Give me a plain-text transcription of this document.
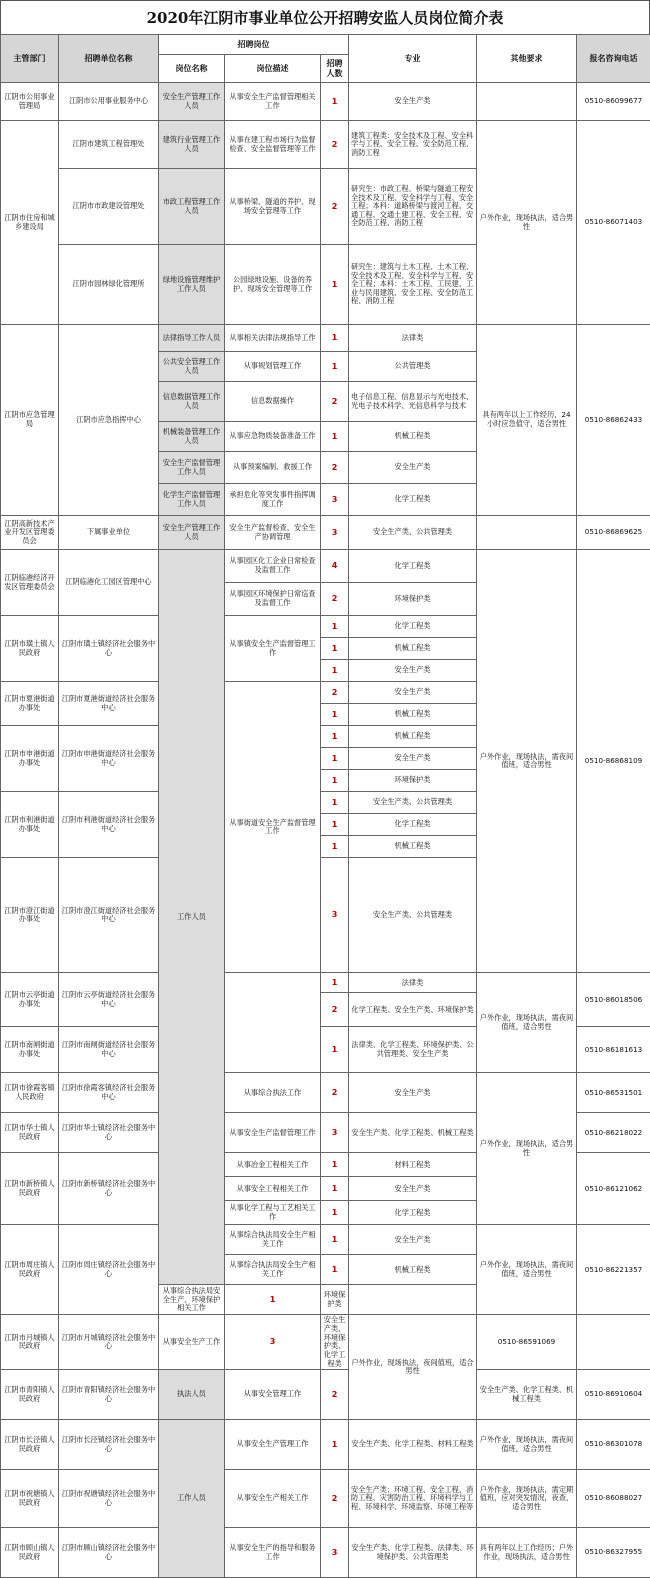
2020年江阴市事业单位公开招聘安监人员岗位简介表
主管部门	招聘单位名称	招聘岗位			专业	其他要求	报名咨询电话	
		岗位名称	岗位描述	招聘人数				
江阴市公用事业管理局	江阴市公用事业服务中心	安全生产管理工作人员	从事安全生产监督管理相关工作	1	安全生产类		0510-86099677	
江阴市住房和城乡建设局	江阴市建筑工程管理处	建筑行业管理工作人员	从事在建工程市场行为监督检查、安全监督管理等工作	2	建筑工程类：安全技术及工程、安全科学与工程、安全工程、安全防范工程、消防工程	户外作业，现场执法，适合男性	0510-86071403	
	江阴市市政建设管理处	市政工程管理工作人员	从事桥梁、隧道的养护、现场安全管理等工作	2	研究生：市政工程、桥梁与隧道工程安全技术及工程、安全科学与工程、安全工程；本科：道路桥梁与渡河工程、交通工程、交通土建工程、安全工程、安全防范工程、消防工程			
	江阴市园林绿化管理所	绿地设施管理维护工作人员	公园绿地设施、设备的养护、现场安全管理等工作	1	研究生：建筑与土木工程、土木工程、安全技术及工程、安全科学与工程、安全工程；本科：土木工程、工民建、工业与民用建筑、安全工程、安全防范工程、消防工程			

江阴市应急管理局	江阴市应急指挥中心	法律指导工作人员	从事相关法律法规指导工作	1	法律类	具有两年以上工作经历，24小时应急值守，适合男性	0510-86862433	
		公共安全管理工作人员	从事规划管理工作	1	公共管理类			
		信息数据管理工作人员	信息数据操作	2	电子信息工程、信息显示与光电技术、光电子技术科学、光信息科学与技术			
		机械装备管理工作人员	从事应急物质装备准备工作	1	机械工程类			
		安全生产监督管理工作人员	从事预案编制、救援工作	2	安全生产类			
		化学生产监督管理工作人员	承担危化等突发事件指挥调度工作	3	化学工程类			
江阴高新技术产业开发区管理委员会	下属事业单位	安全生产管理工作人员	安全生产监督检查，安全生产协调管理	3	安全生产类、公共管理类		0510-86869625	
江阴临港经济开发区管理委员会	江阴临港化工园区管理中心	工作人员	从事园区化工企业日常检查及监督工作	4	化学工程类	户外作业，现场执法，需夜间值班，适合男性	0510-86868109	
			从事园区环境保护日常巡查及监督工作	2	环境保护类			
江阴市璜土镇人民政府	江阴市璜土镇经济社会服务中心		从事镇安全生产监督管理工作	1	化学工程类			
				1	机械工程类			
				1	安全生产类			
江阴市夏港街道办事处	江阴市夏港街道经济社会服务中心		从事街道安全生产监督管理工作	2	安全生产类			
				1	机械工程类			
江阴市申港街道办事处	江阴市申港街道经济社会服务中心			1	机械工程类			
				1	安全生产类			
				1	环境保护类			
江阴市利港街道办事处	江阴市利港街道经济社会服务中心			1	安全生产类、公共管理类			
				1	化学工程类			
				1	机械工程类			
江阴市澄江街道办事处	江阴市澄江街道经济社会服务中心			3	安全生产类、公共管理类		
江阴市云亭街道办事处	江阴市云亭街道经济社会服务中心			1	法律类	户外作业，现场执法，需夜间值班，适合男性	0510-86018506	
				2	化学工程类、安全生产类、环境保护类			
江阴市南闸街道办事处	江阴市南闸街道经济社会服务中心			1	法律类、化学工程类、环境保护类、公共管理类、安全生产类		0510-86181613	
江阴市徐霞客镇人民政府	江阴市徐霞客镇经济社会服务中心		从事综合执法工作	2	安全生产类	户外作业，现场执法，适合男性	0510-86531501	
江阴市华士镇人民政府	江阴市华士镇经济社会服务中心		从事安全生产监督管理工作	3	安全生产类、化学工程类、机械工程类		0510-86218022	
江阴市新桥镇人民政府	江阴市新桥镇经济社会服务中心		从事冶金工程相关工作	1	材料工程类		0510-86121062	
			从事安全工程相关工作	1	安全生产类			
			从事化学工程与工艺相关工作	1	化学工程类			
江阴市周庄镇人民政府	江阴市周庄镇经济社会服务中心		从事综合执法局安全生产相关工作	1	安全生产类	户外作业，现场执法，需夜间值班，适合男性	0510-86221357	
			从事综合执法局安全生产相关工作	1	机械工程类			
		从事综合执法局安全生产、环境保护相关工作	1	环境保护类				
江阴市月城镇人民政府	江阴市月城镇经济社会服务中心	从事安全生产工作	3	安全生产类、环境保护类、化学工程类	户外作业，现场执法，夜间值班，适合男性	0510-86591069		
江阴市青阳镇人民政府	江阴市青阳镇经济社会服务中心	执法人员	从事安全管理工作	2		安全生产类、化学工程类、机械工程类	0510-86910604	
江阴市长泾镇人民政府	江阴市长泾镇经济社会服务中心	工作人员	从事安全生产管理工作	1	安全生产类、化学工程类、材料工程类	户外作业，现场执法，需夜间值班，适合男性	0510-86301078	
江阴市祝塘镇人民政府	江阴市祝塘镇经济社会服务中心		从事安全生产相关工作	2	安全生产类；环境工程、安全工程、消防工程、灾害防治工程、环境科学与工程、环境科学、环境监察、环境工程等	户外作业，现场执法，需定期值班，应对突发情况，夜查，适合男性	0510-86088027	
江阴市顾山镇人民政府	江阴市顾山镇经济社会服务中心		从事安全生产的指导和服务工作	3	安全生产类、化学工程类、法律类、环境保护类、公共管理类	具有两年以上工作经历；户外作业，现场执法，适合男性	0510-86327955	
